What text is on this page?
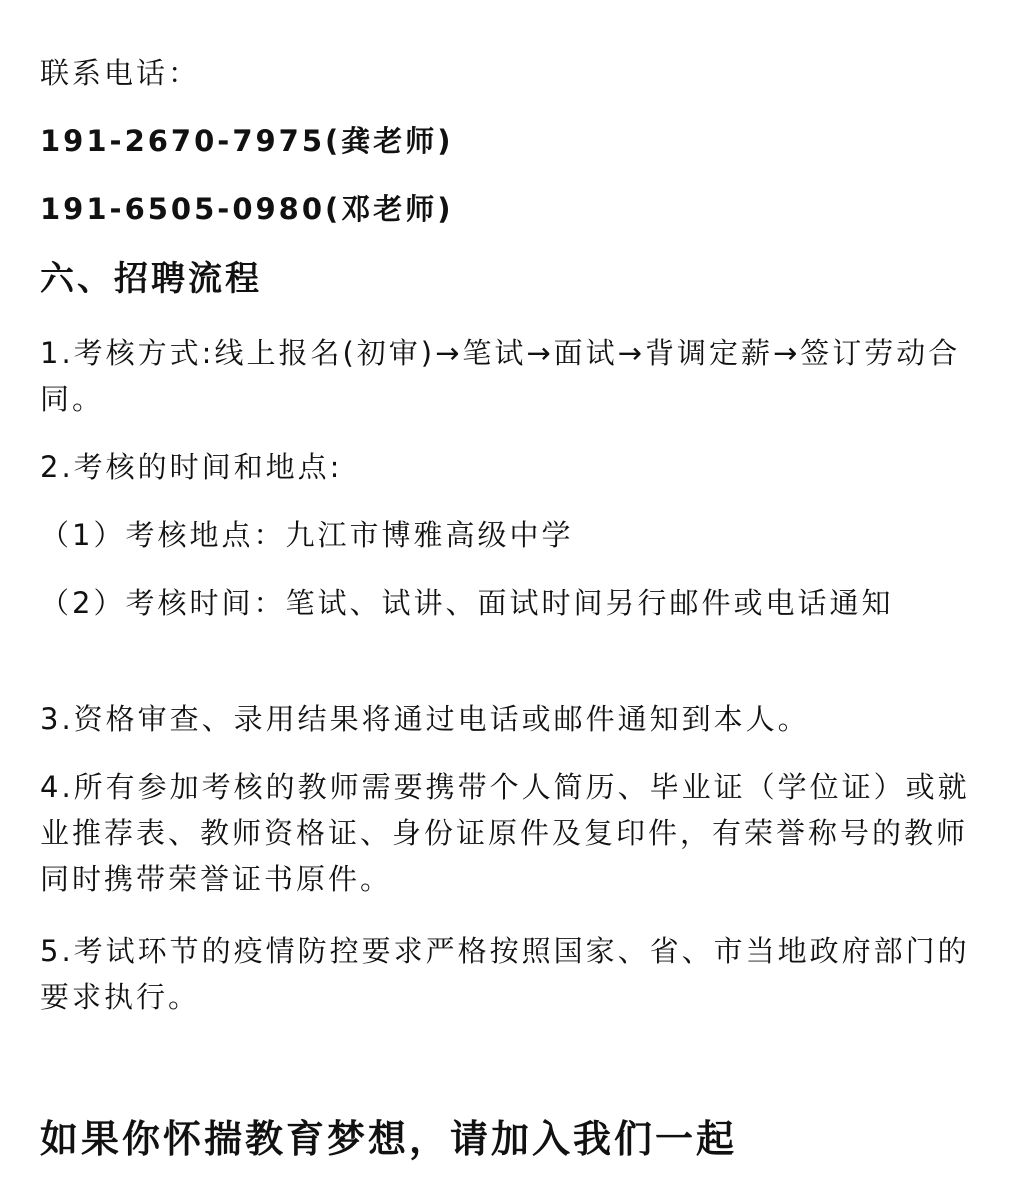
联系电话：
191-2670-7975(龚老师)
191-6505-0980(邓老师)
六、招聘流程
1.考核方式:线上报名(初审)→笔试→面试→背调定薪→签订劳动合同。
2.考核的时间和地点:
（1）考核地点：九江市博雅高级中学
（2）考核时间：笔试、试讲、面试时间另行邮件或电话通知
3.资格审查、录用结果将通过电话或邮件通知到本人。
4.所有参加考核的教师需要携带个人简历、毕业证（学位证）或就业推荐表、教师资格证、身份证原件及复印件，有荣誉称号的教师同时携带荣誉证书原件。
5.考试环节的疫情防控要求严格按照国家、省、市当地政府部门的要求执行。
如果你怀揣教育梦想，请加入我们一起
